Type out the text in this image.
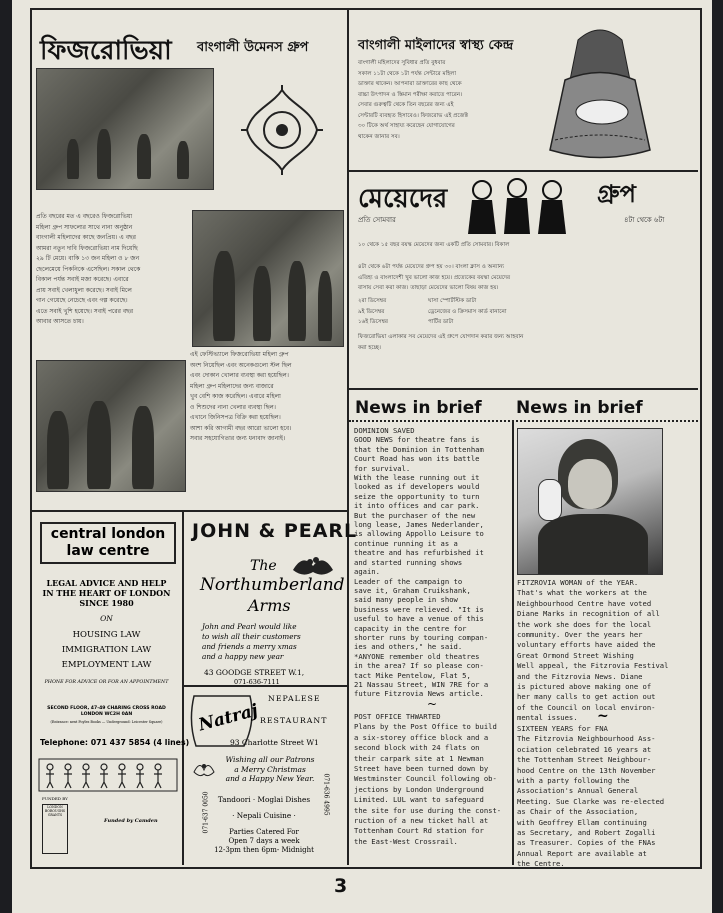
ফিজরোভিয়া বাংগালী উমেনস গ্রুপ
প্রতি বছরের মত এ বছরেও ফিজরোভিয়া
মহিলা গ্রুপ সাফল্যের সাথে নানা অনুষ্ঠান
বাংগালী মহিলাদের কাছে জনপ্রিয়। এ বছর
আমরা নতুন দাবি ফিজরোভিয়া নাম দিয়েছি
২৯ টি মেয়ে। বাকি ১৩ জন মহিলা ও ৮ জন
ছেলেমেয়ে পিকনিকে এসেছিল। সকাল থেকে
বিকাল পর্যন্ত সবাই মজা করেছে। এবারে
প্রায় সবাই খেলাধুলা করেছে। সবাই মিলে
গান গেয়েছে নেচেছে এবং গল্প করেছে।
এতে সবাই খুশি হয়েছে। সবাই পরের বছর
আবার আসতে চায়।
এই ফেস্টিভ্যালে ফিজরোভিয়া মহিলা গ্রুপ
অংশ নিয়েছিল এবং অনেকগুলো স্টল ছিল
এবং দোকান খোলার ব্যবস্থা করা হয়েছিল।
মহিলা গ্রুপ মহিলাদের জন্য বাজারে
খুব বেশি কাজ করেছিল। এবারে মহিলা
ও শিশুদের নানা খেলার ব্যবস্থা ছিল।
এখানে জিনিসপত্র বিক্রি করা হয়েছিল।
আশা করি আগামী বছর আরো ভালো হবে।
সবার সহযোগিতার জন্য ধন্যবাদ জানাই।
বাংগালী মাইলাদের স্বাস্থ্য কেন্দ্র
বাংগালী মহিলাদের সুবিধার প্রতি বুধবার
সকাল ১১টা থেকে ১টা পর্যন্ত সেন্টারে মহিলা
ডাক্তার থাকেন। আপনারা ডাক্তারের কাছ থেকে
বাচ্চা উৎপাদন ও স্তিমান পরীক্ষা করাতে পারেন।
সেবার গুরুত্বটি থেকে তিন বছরের জন্য এই
সেন্টারটি ব্যবহৃত হিসাবেও। ফিজরোভ এই প্রজেক্ট
৩০ টিকে অর্থ সাহায্য করেছেন যোগাযোগের
থাকেন জানার সব।
মেয়েদের	গ্রুপ
প্রতি সোমবার	৪টা থেকে ৬টা
১০ থেকে ১৫ বছর বয়স্ক মেয়েদের জন্য একটি প্রতি সোমবার। বিকাল
৪টা থেকে ৬টা পর্যন্ত মেয়েদের গ্রুপ হয় ৩০। বাংলা ক্লাস ও অন্যান্য
এতিহ্য ও বাংলাদেশী খুব ভালো কাজ হয়ে। প্রত্যেকের বয়স্কা মেয়েদের
বাসায় সেবা করা কাজ। তাছাড়া মেয়েদের ভালো বিষয় কাজ হয়।
২রা ডিসেম্বর	ঘাসা স্পোর্টস্টিক ডাটা
৯ই ডিসেম্বর	ড্রেনেজের ও ক্রিসমাস কার্ড বানানো
১৬ই ডিসেম্বর	পার্টির ডাটা
ফিজরোভিয়া এলাকার সব মেয়েদের এই গ্রুপে যোগদান করার জন্য আহবান
করা হচ্ছে।
News in brief News in brief
DOMINION SAVED
GOOD NEWS for theatre fans is
that the Dominion in Tottenham
Court Road has won its battle
for survival.
With the lease running out it
looked as if developers would
seize the opportunity to turn
it into offices and car park.
But the purchaser of the new
long lease, James Nederlander,
is allowing Appollo Leisure to
continue running it as a
theatre and has refurbished it
and started running shows
again.
Leader of the campaign to
save it, Graham Cruikshank,
said many people in show
business were relieved. "It is
useful to have a venue of this
capacity in the centre for
shorter runs by touring compan-
ies and others," he said.
*ANYONE remember old theatres
in the area? If so please con-
tact Mike Pentelow, Flat 5,
21 Nassau Street, WIN 7RE for a
future Fitzrovia News article.
~
POST OFFICE THWARTED
Plans by the Post Office to build
a six-storey office block and a
second block with 24 flats on
their carpark site at 1 Newman
Street have been turned down by
Westminster Council following ob-
jections by London Underground
Limited. LUL want to safeguard
the site for use during the const-
ruction of a new ticket hall at
Tottenham Court Rd station for
the East-West Crossrail.
FITZROVIA WOMAN of the YEAR.
That's what the workers at the
Neighbourhood Centre have voted
Diane Marks in recognition of all
the work she does for the local
community. Over the years her
voluntary efforts have aided the
Great Ormond Street Wishing
Well appeal, the Fitzrovia Festival
and the Fitzrovia News. Diane
is pictured above making one of
her many calls to get action out
of the Council on local environ-
mental issues.	~
SIXTEEN YEARS for FNA
The Fitzrovia Neighbourhood Ass-
ociation celebrated 16 years at
the Tottenham Street Neighbour-
hood Centre on the 13th November
with a party following the
Association's Annual General
Meeting. Sue Clarke was re-elected
as Chair of the Association,
with Geoffrey Ellam continuing
as Secretary, and Robert Zogalli
as Treasurer. Copies of the FNAs
Annual Report are available at
the Centre.
central london
law centre
LEGAL ADVICE AND HELP
IN THE HEART OF LONDON
SINCE 1980
ON
HOUSING LAW
IMMIGRATION LAW
EMPLOYMENT LAW
PHONE FOR ADVICE OR FOR AN APPOINTMENT
SECOND FLOOR, 47-49 CHARING CROSS ROAD
LONDON WC2H 0AN
(Entrance: next Foyles Books — Underground: Leicester Square)
Telephone: 071 437 5854 (4 lines)
FUNDED BY
LONDON BOROUGHS GRANTS
Funded by Camden
JOHN & PEARL
The
Northumberland
Arms
John and Pearl would like
to wish all their customers
and friends a merry xmas
and a happy new year
43 GOODGE STREET W.1,
071-636-7111
Natraj
NEPALESE
RESTAURANT
93 Charlotte Street W1
Wishing all our Patrons
a Merry Christmas
and a Happy New Year.
Tandoori · Moglai Dishes
· Nepali Cuisine ·
Parties Catered For
Open 7 days a week
12-3pm then 6pm- Midnight
071-637 0050	071-636 4995
3
